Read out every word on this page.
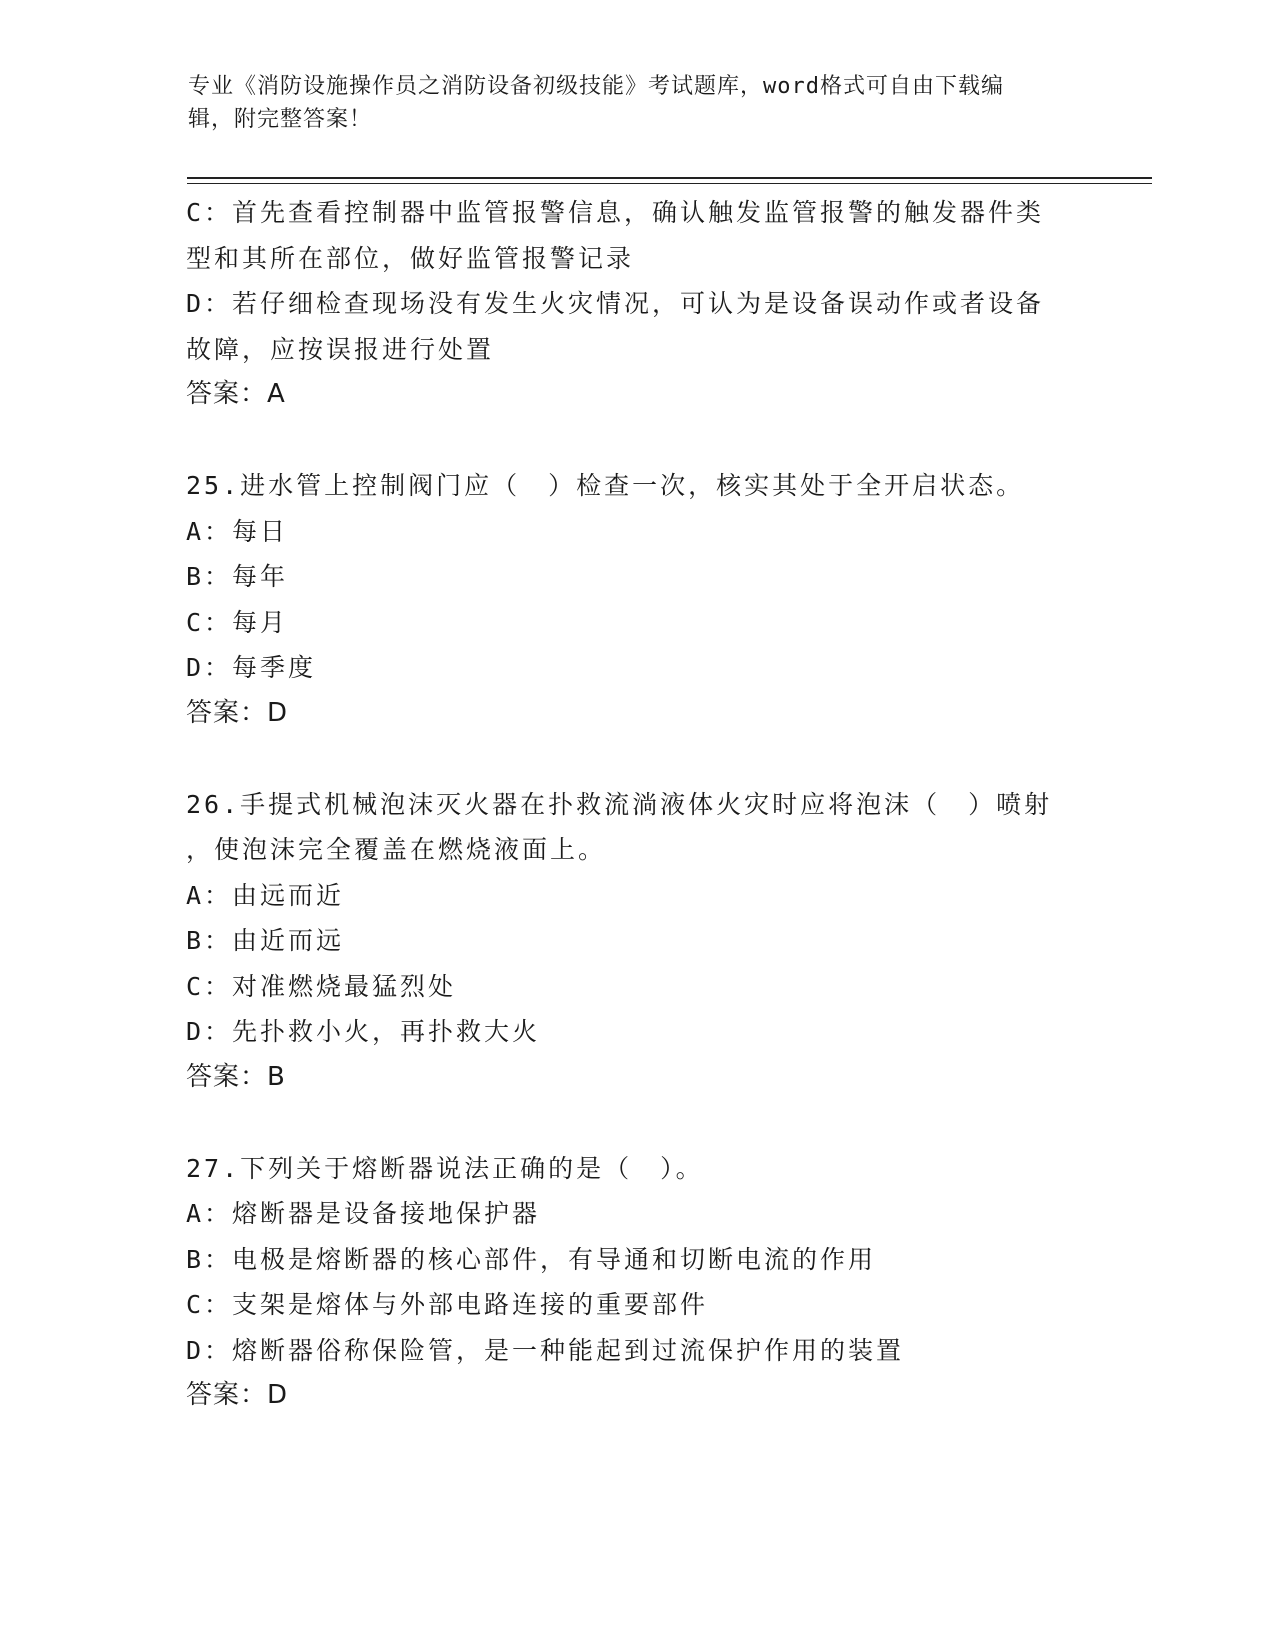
专业《消防设施操作员之消防设备初级技能》考试题库，word格式可自由下载编
辑，附完整答案！
C：首先查看控制器中监管报警信息，确认触发监管报警的触发器件类
型和其所在部位，做好监管报警记录
D：若仔细检查现场没有发生火灾情况，可认为是设备误动作或者设备
故障，应按误报进行处置
答案：A
25.进水管上控制阀门应（　）检查一次，核实其处于全开启状态。
A：每日
B：每年
C：每月
D：每季度
答案：D
26.手提式机械泡沫灭火器在扑救流淌液体火灾时应将泡沫（　）喷射
，使泡沫完全覆盖在燃烧液面上。
A：由远而近
B：由近而远
C：对准燃烧最猛烈处
D：先扑救小火，再扑救大火
答案：B
27.下列关于熔断器说法正确的是（　）。
A：熔断器是设备接地保护器
B：电极是熔断器的核心部件，有导通和切断电流的作用
C：支架是熔体与外部电路连接的重要部件
D：熔断器俗称保险管，是一种能起到过流保护作用的装置
答案：D
